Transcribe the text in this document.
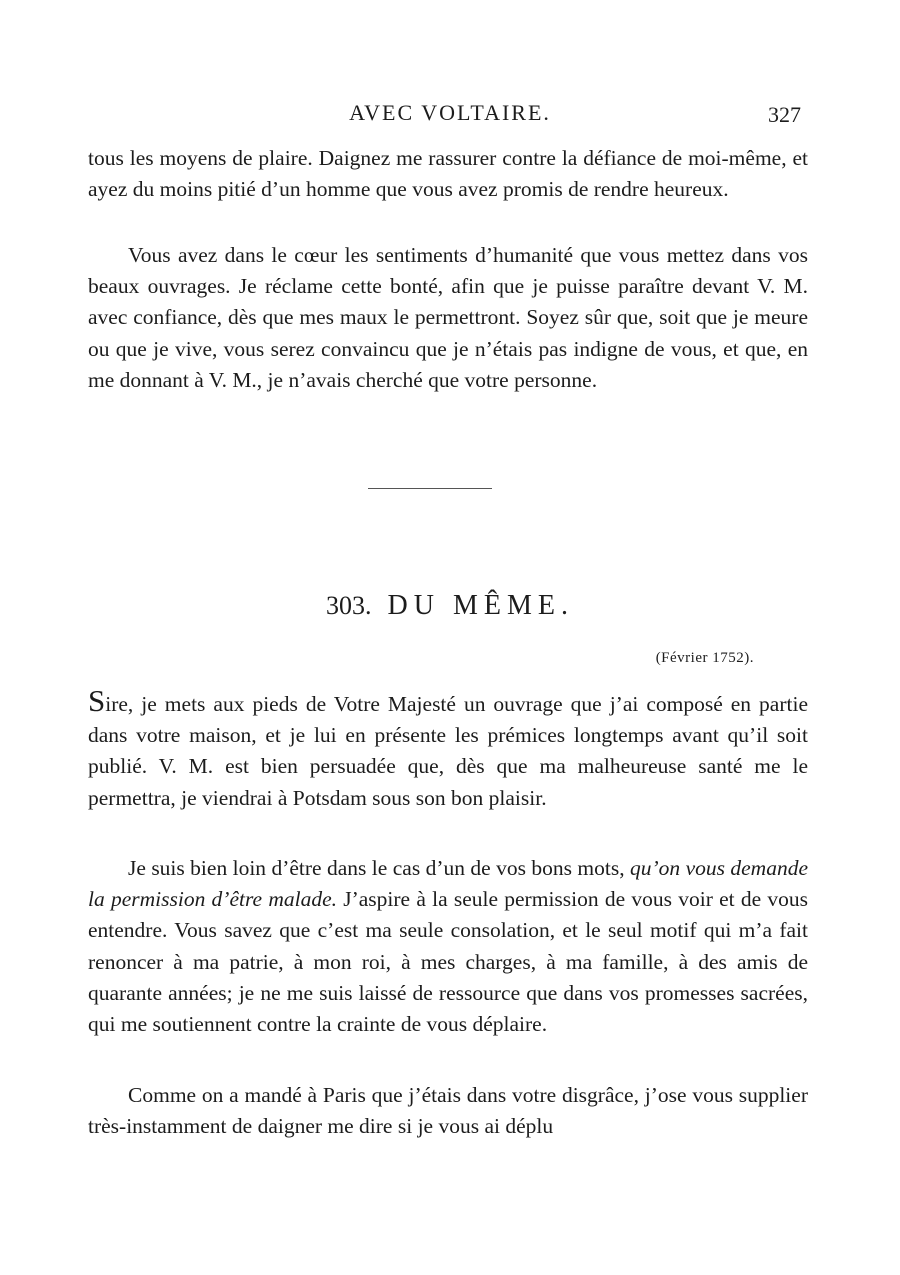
AVEC VOLTAIRE.	327

tous les moyens de plaire. Daignez me rassurer contre la défiance de moi-même, et ayez du moins pitié d’un homme que vous avez promis de rendre heureux.

Vous avez dans le cœur les sentiments d’humanité que vous mettez dans vos beaux ouvrages. Je réclame cette bonté, afin que je puisse paraître devant V. M. avec confiance, dès que mes maux le permettront. Soyez sûr que, soit que je meure ou que je vive, vous serez convaincu que je n’étais pas indigne de vous, et que, en me donnant à V. M., je n’avais cherché que votre personne.

303. DU MÊME.
(Février 1752).

Sire, je mets aux pieds de Votre Majesté un ouvrage que j’ai composé en partie dans votre maison, et je lui en présente les prémices longtemps avant qu’il soit publié. V. M. est bien persuadée que, dès que ma malheureuse santé me le permettra, je viendrai à Potsdam sous son bon plaisir.

Je suis bien loin d’être dans le cas d’un de vos bons mots, qu’on vous demande la permission d’être malade. J’aspire à la seule permission de vous voir et de vous entendre. Vous savez que c’est ma seule consolation, et le seul motif qui m’a fait renoncer à ma patrie, à mon roi, à mes charges, à ma famille, à des amis de quarante années; je ne me suis laissé de ressource que dans vos promesses sacrées, qui me soutiennent contre la crainte de vous déplaire.

Comme on a mandé à Paris que j’étais dans votre disgrâce, j’ose vous supplier très-instamment de daigner me dire si je vous ai déplu
